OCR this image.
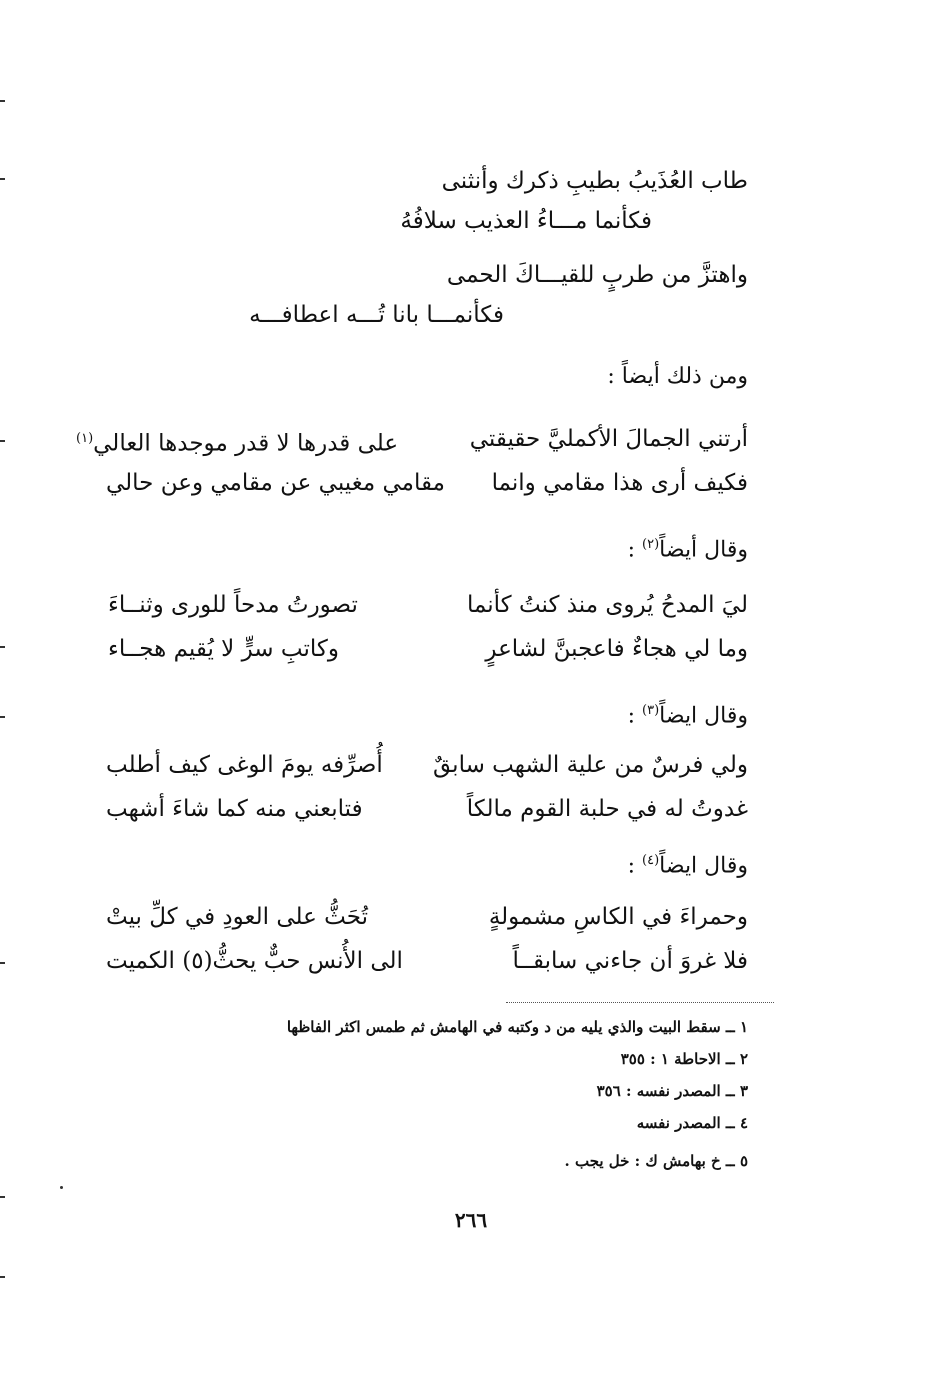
طاب العُذَيبُ بطيبِ ذكرك وأنثنى
فكأنما مـــاءُ العذيب سلافُهُ
واهتزَّ من طربٍ للقيـــاكَ الحمى
فكأنمـــا بانا تُـــه اعطافـــه
ومن ذلك أيضاً :
أرتني الجمالَ الأكمليَّ حقيقتي
على قدرها لا قدر موجدها العالي$^{(١)}$
فكيف أرى هذا مقامي وانما
مقامي مغيبي عن مقامي وعن حالي
وقال أيضاً$^{(٢)}$ :
ليَ المدحُ يُروى منذ كنتُ كأنما
تصورتُ مدحاً للورى وثنــاءَ
وما لي هجاءٌ فاعجبنَّ لشاعرٍ
وكاتبِ سرٍّ لا يُقيم هجــاء
وقال ايضاً$^{(٣)}$ :
ولي فرسٌ من علية الشهب سابقٌ
أُصرِّفه يومَ الوغى كيف أطلب
غدوتُ له في حلبة القوم مالكاً
فتابعني منه كما شاءَ أشهب
وقال ايضاً$^{(٤)}$ :
وحمراءَ في الكاسِ مشمولةٍ
تُحَثُّ على العودِ في كلِّ بيتْ
فلا غروَ أن جاءني سابقــاً
الى الأُنس حبٌّ يحثُّ(٥) الكميت
١ ــ سقط البيت والذي يليه من د وكتبه في الهامش ثم طمس اكثر الفاظها
٢ ــ الاحاطة ١ : ٣٥٥
٣ ــ المصدر نفسه : ٣٥٦
٤ ــ المصدر نفسه
٥ ــ خ بهامش ك : خل يجب .
٢٦٦
